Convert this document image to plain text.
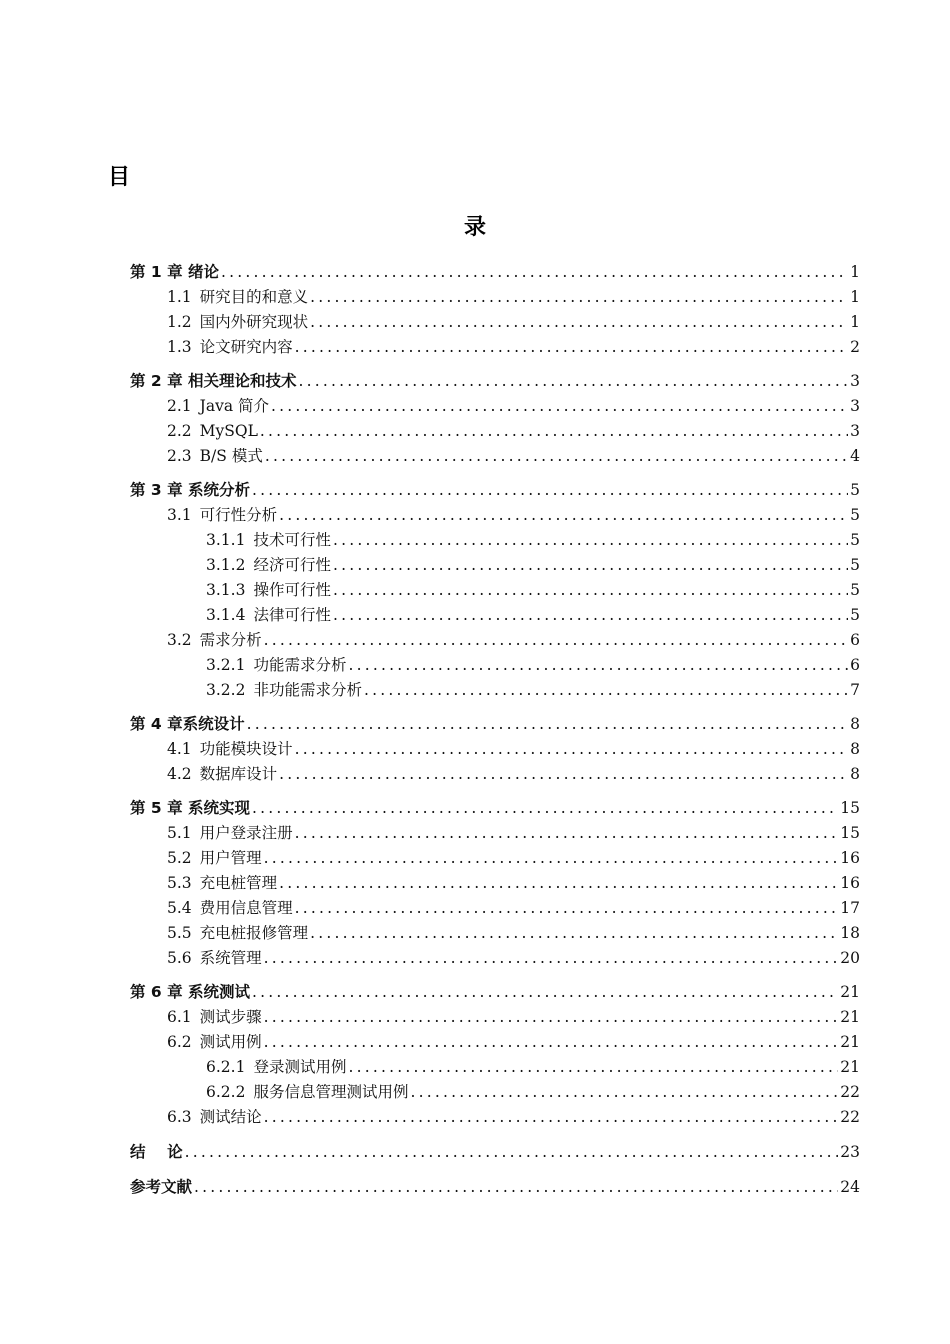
目
录
第 1 章 绪论 .....	1
1.1 研究目的和意义 .....	1
1.2 国内外研究现状 .....	1
1.3 论文研究内容 .....	2
第 2 章 相关理论和技术 .....	3
2.1 Java 简介 .....	3
2.2 MySQL .....	3
2.3 B/S 模式 .....	4
第 3 章 系统分析 .....	5
3.1 可行性分析 .....	5
3.1.1 技术可行性 .....	5
3.1.2 经济可行性 .....	5
3.1.3 操作可行性 .....	5
3.1.4 法律可行性 .....	5
3.2 需求分析 .....	6
3.2.1 功能需求分析 .....	6
3.2.2 非功能需求分析 .....	7
第 4 章系统设计 .....	8
4.1 功能模块设计 .....	8
4.2 数据库设计 .....	8
第 5 章 系统实现 .....	15
5.1 用户登录注册 .....	15
5.2 用户管理 .....	16
5.3 充电桩管理 .....	16
5.4 费用信息管理 .....	17
5.5 充电桩报修管理 .....	18
5.6 系统管理 .....	20
第 6 章 系统测试 .....	21
6.1 测试步骤 .....	21
6.2 测试用例 .....	21
6.2.1 登录测试用例 .....	21
6.2.2 服务信息管理测试用例 .....	22
6.3 测试结论 .....	22
结    论 .....	23
参考文献 .....	24
